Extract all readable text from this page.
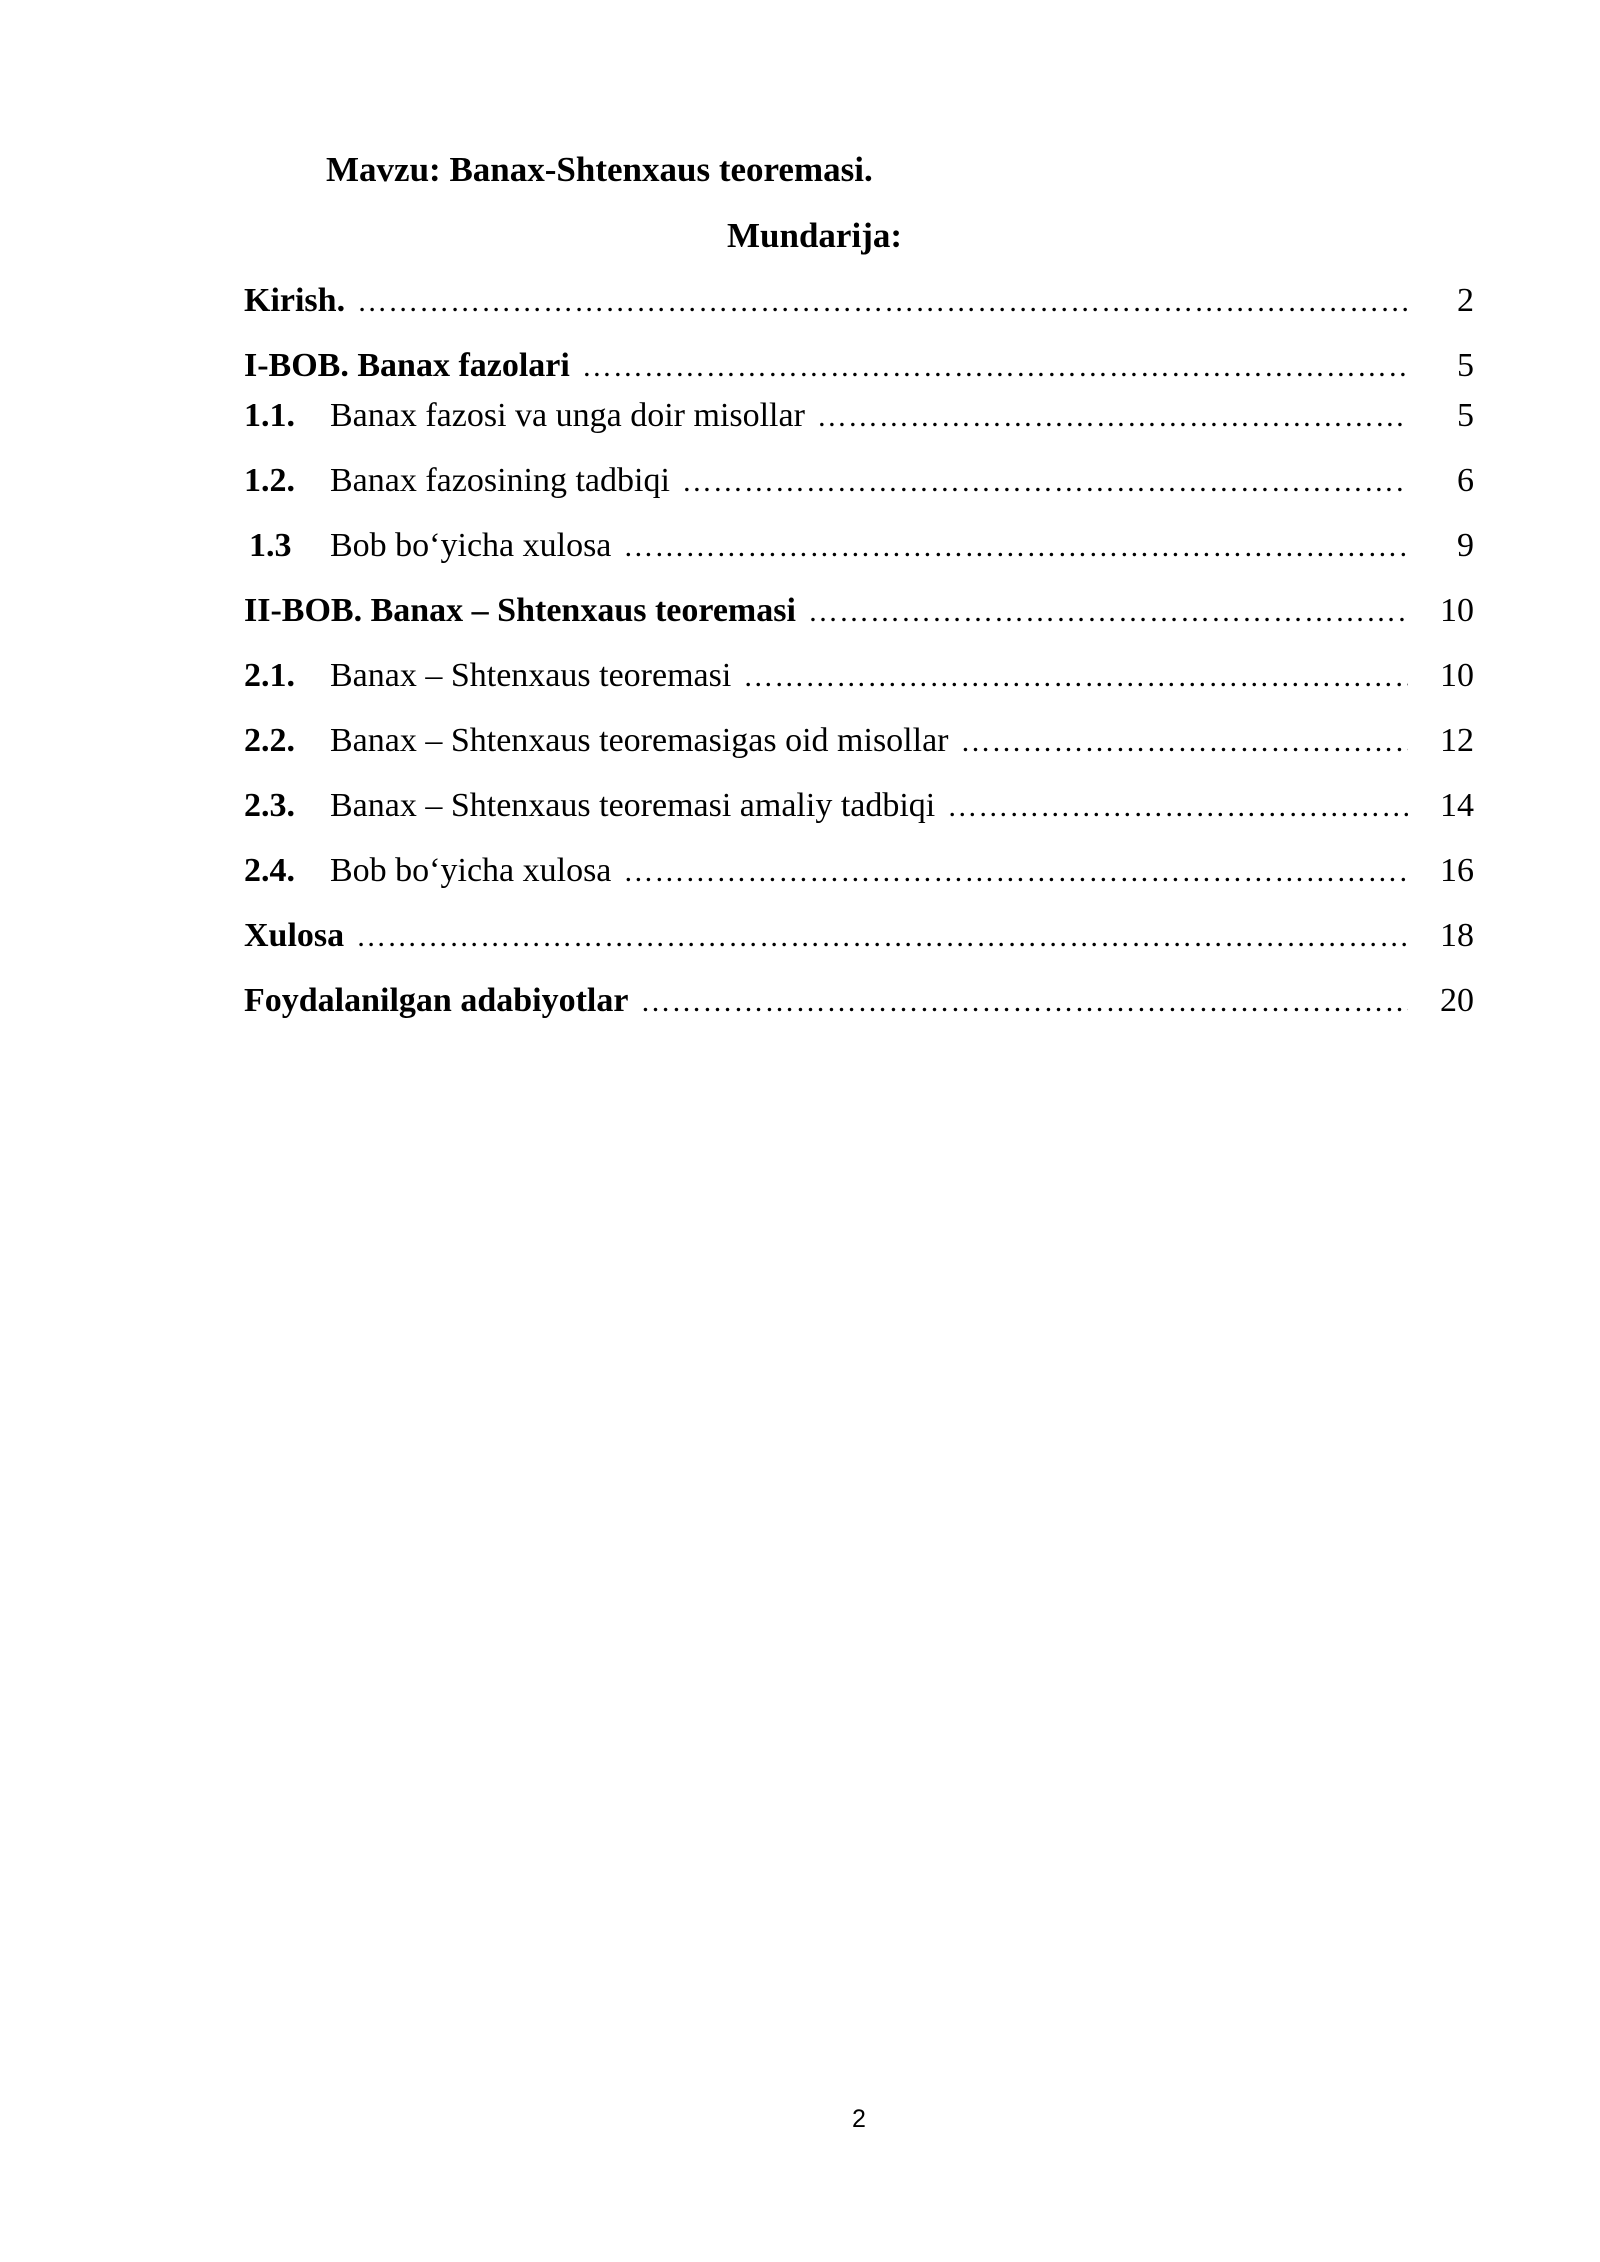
Mavzu: Banax-Shtenxaus teoremasi.
Mundarija:
Kirish. …………………………………………………………………………………………………………………………………………………………………………………………	2
I-BOB. Banax fazolari …………………………………………………………………………………………………………………………………………………………………………………………	5
1.1.	Banax fazosi va unga doir misollar …………………………………………………………………………………………………………………………………………………………………………………………	5
1.2.	Banax fazosining tadbiqi …………………………………………………………………………………………………………………………………………………………………………………………	6
1.3	Bob bo‘yicha xulosa …………………………………………………………………………………………………………………………………………………………………………………………	9
II-BOB. Banax – Shtenxaus teoremasi …………………………………………………………………………………………………………………………………………………………………………………………	10
2.1.	Banax – Shtenxaus teoremasi …………………………………………………………………………………………………………………………………………………………………………………………	10
2.2.	Banax – Shtenxaus teoremasigas oid misollar …………………………………………………………………………………………………………………………………………………………………………………………	12
2.3.	Banax – Shtenxaus teoremasi amaliy tadbiqi …………………………………………………………………………………………………………………………………………………………………………………………	14
2.4.	Bob bo‘yicha xulosa …………………………………………………………………………………………………………………………………………………………………………………………	16
Xulosa …………………………………………………………………………………………………………………………………………………………………………………………	18
Foydalanilgan adabiyotlar …………………………………………………………………………………………………………………………………………………………………………………………	20
2
